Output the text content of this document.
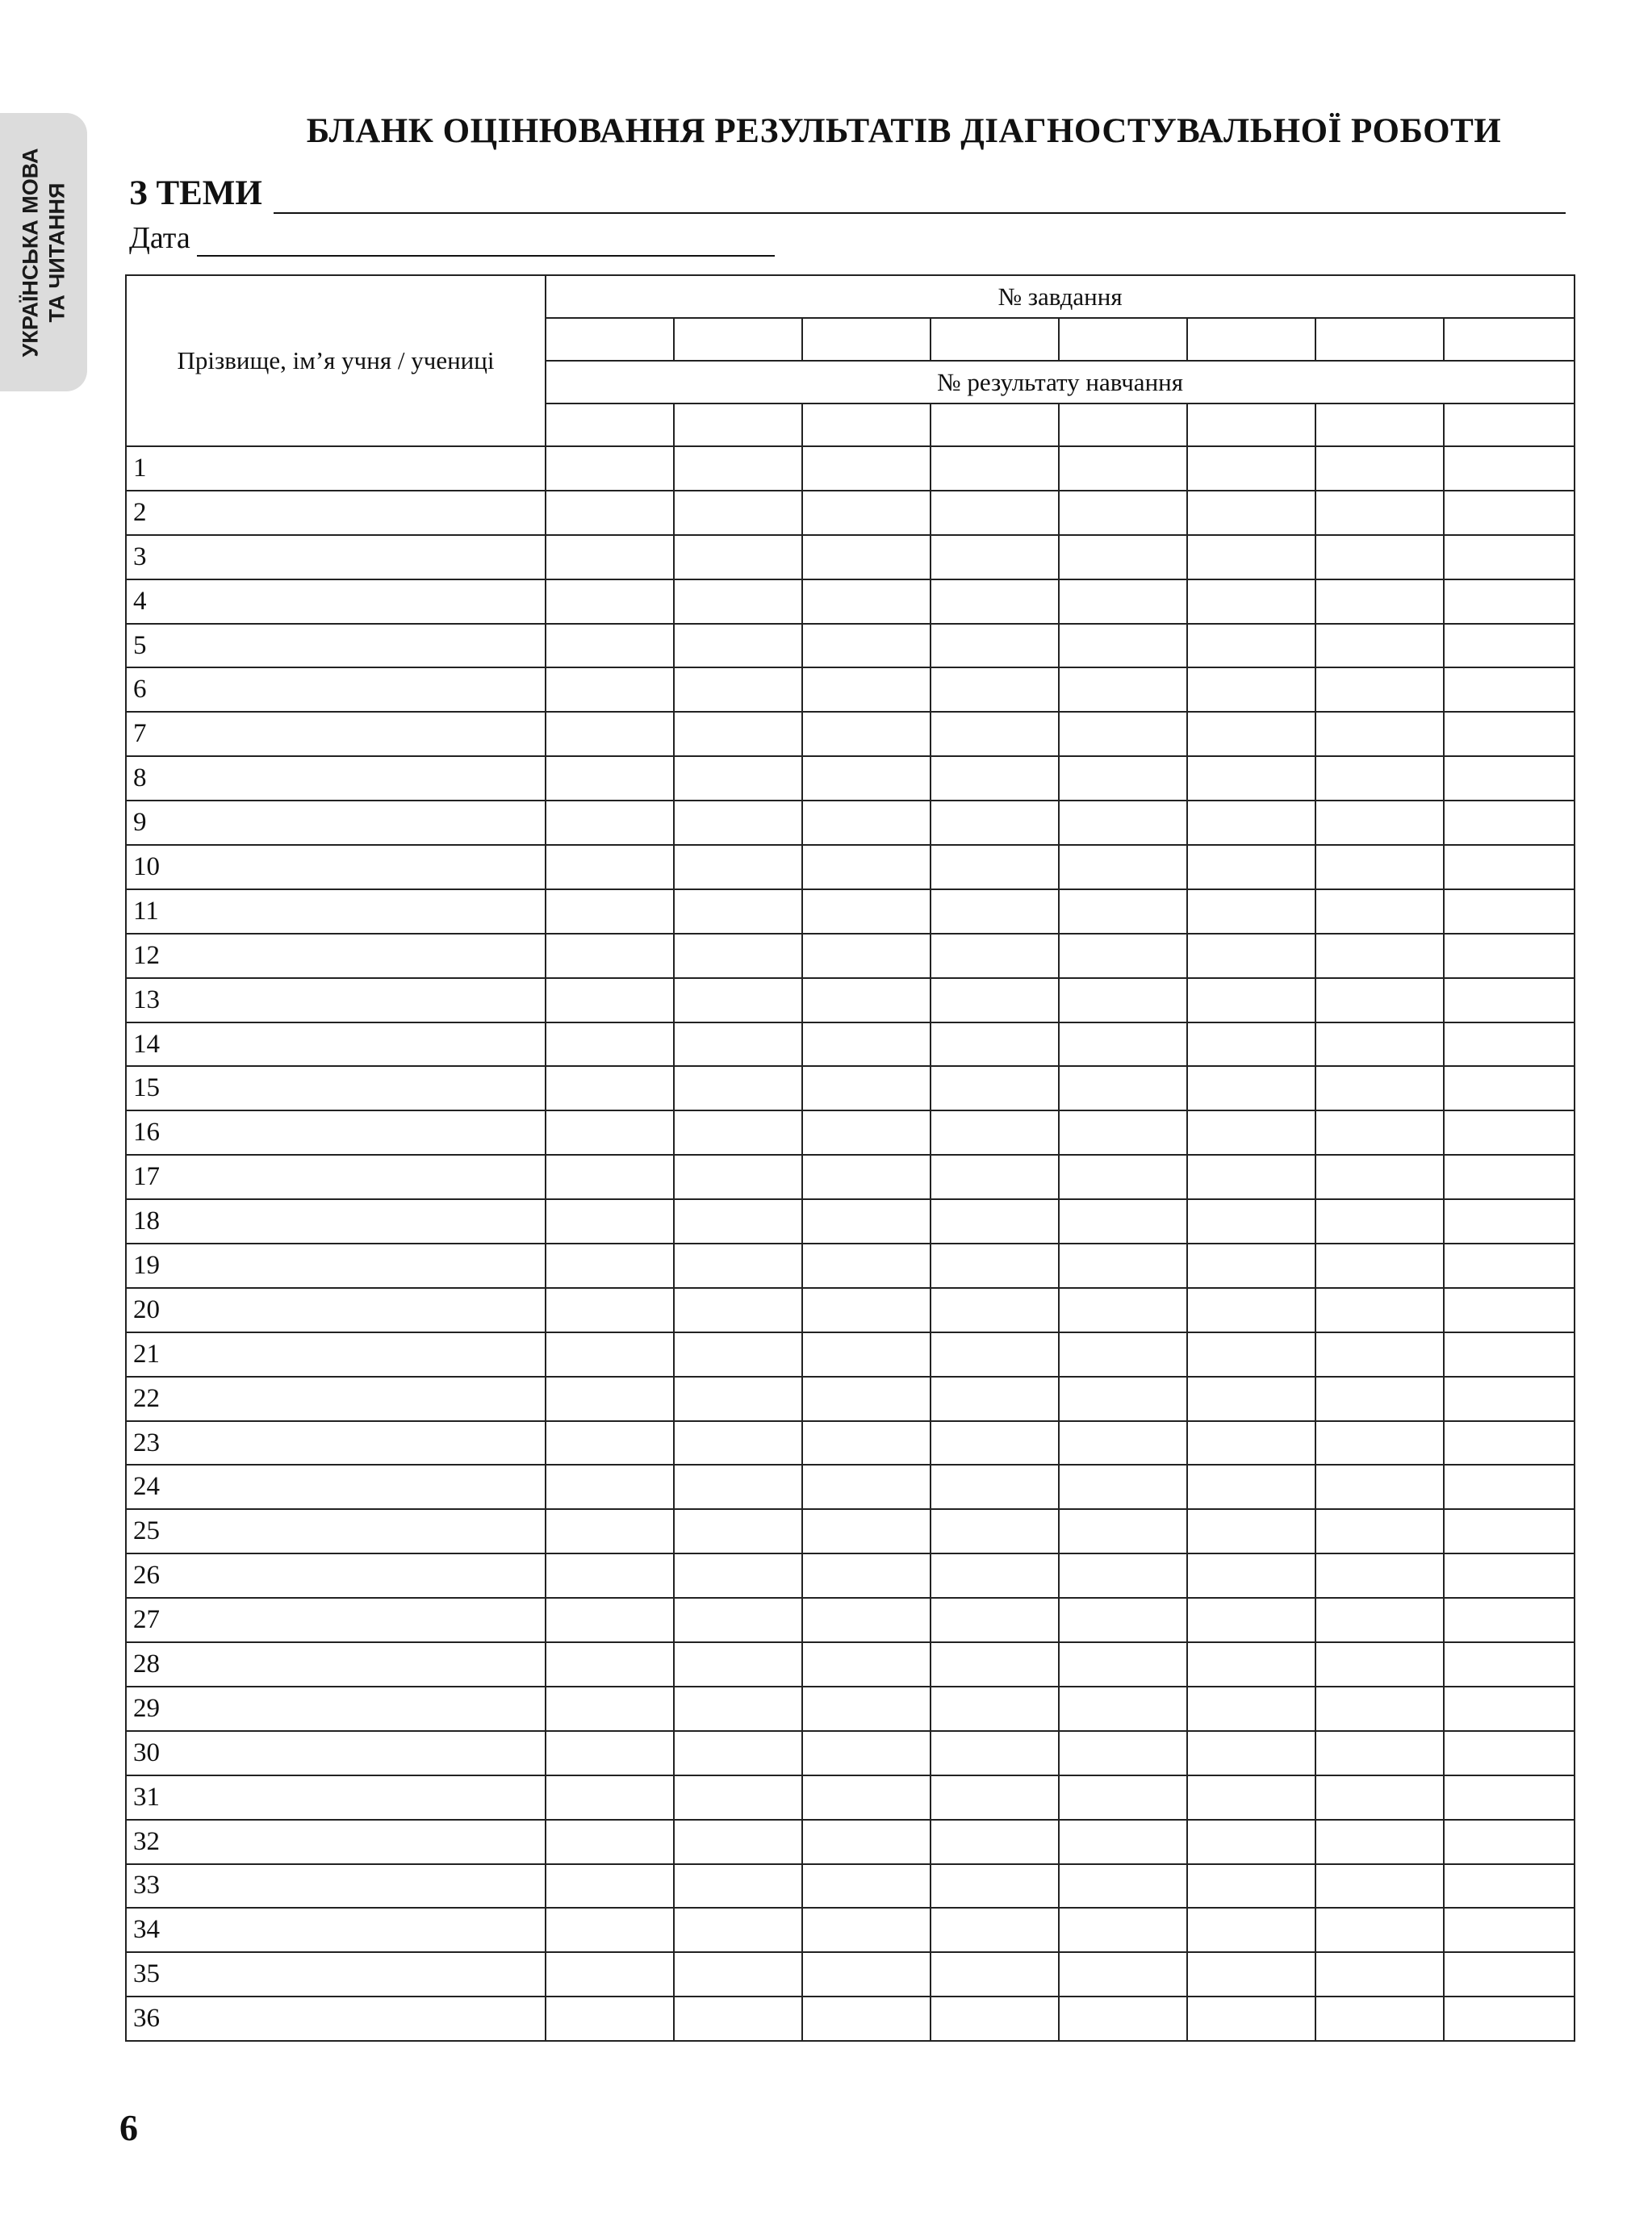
УКРАЇНСЬКА МОВА ТА ЧИТАННЯ
БЛАНК ОЦІНЮВАННЯ РЕЗУЛЬТАТІВ ДІАГНОСТУВАЛЬНОЇ РОБОТИ
З ТЕМИ
Дата
Прізвище, ім’я учня / учениці	№ завдання							

	№ результату навчання							

1								
2								
3								
4								
5								
6								
7								
8								
9								
10								
11								
12								
13								
14								
15								
16								
17								
18								
19								
20								
21								
22								
23								
24								
25								
26								
27								
28								
29								
30								
31								
32								
33								
34								
35								
36								
6
